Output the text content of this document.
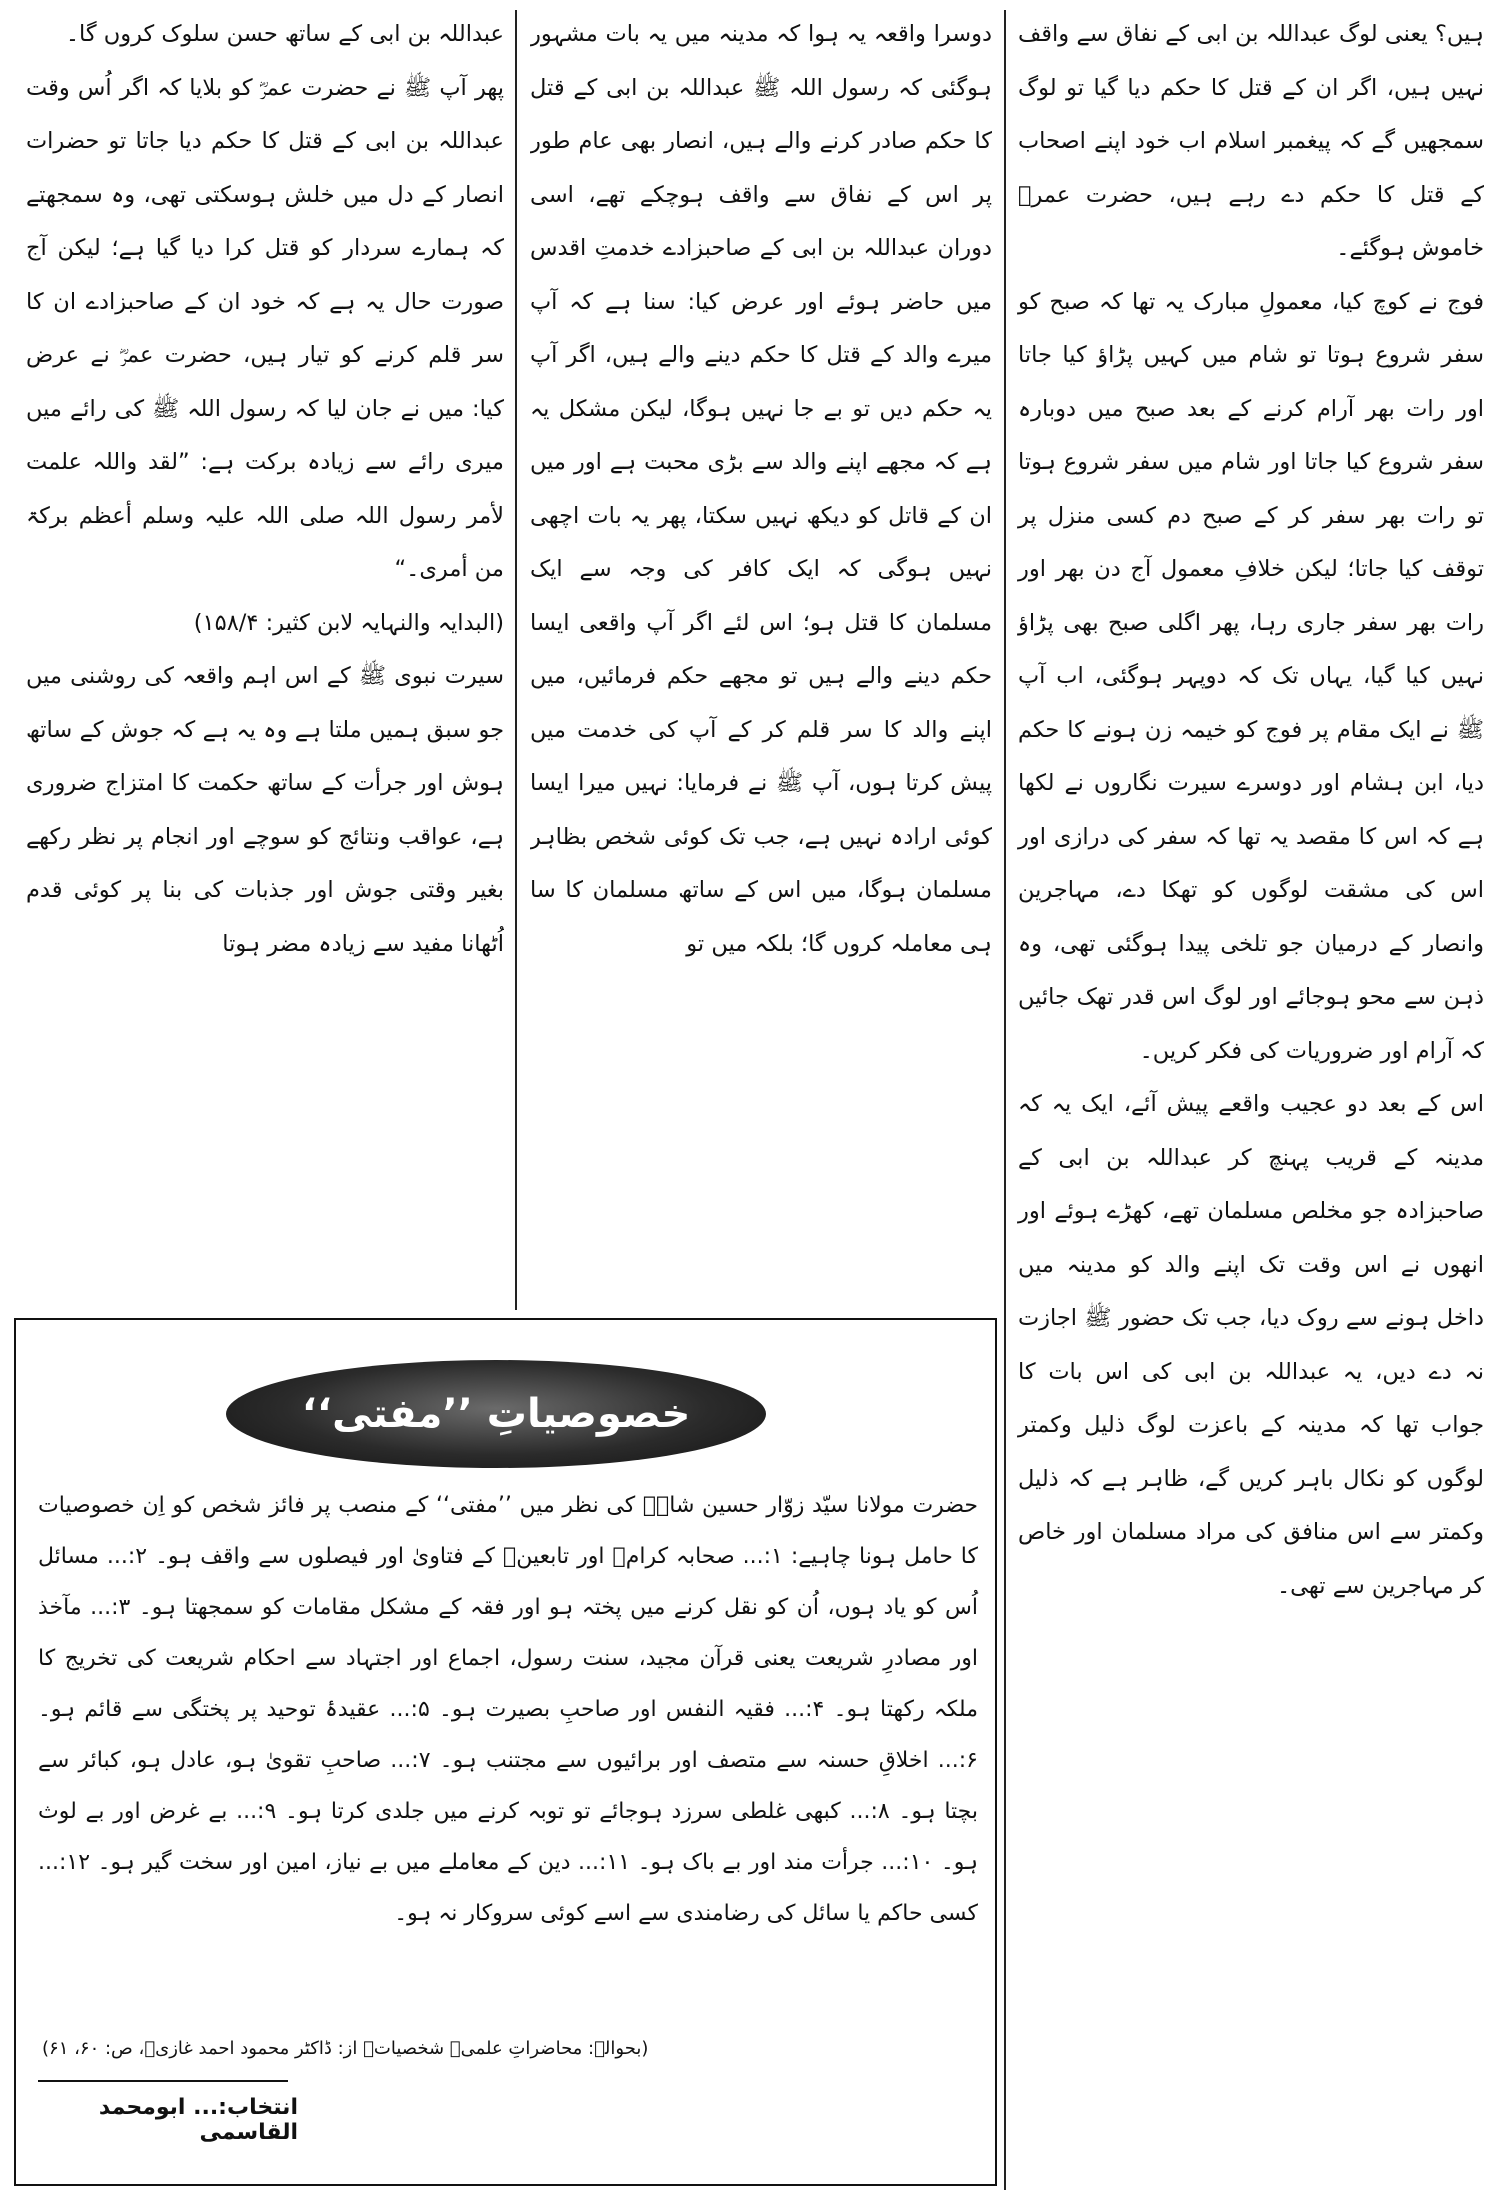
ہیں؟ یعنی لوگ عبداللہ بن ابی کے نفاق سے واقف نہیں ہیں، اگر ان کے قتل کا حکم دیا گیا تو لوگ سمجھیں گے کہ پیغمبر اسلام اب خود اپنے اصحاب کے قتل کا حکم دے رہے ہیں، حضرت عمرؓ خاموش ہوگئے۔

فوج نے کوچ کیا، معمولِ مبارک یہ تھا کہ صبح کو سفر شروع ہوتا تو شام میں کہیں پڑاؤ کیا جاتا اور رات بھر آرام کرنے کے بعد صبح میں دوبارہ سفر شروع کیا جاتا اور شام میں سفر شروع ہوتا تو رات بھر سفر کر کے صبح دم کسی منزل پر توقف کیا جاتا؛ لیکن خلافِ معمول آج دن بھر اور رات بھر سفر جاری رہا، پھر اگلی صبح بھی پڑاؤ نہیں کیا گیا، یہاں تک کہ دوپہر ہوگئی، اب آپ ﷺ نے ایک مقام پر فوج کو خیمہ زن ہونے کا حکم دیا، ابن ہشام اور دوسرے سیرت نگاروں نے لکھا ہے کہ اس کا مقصد یہ تھا کہ سفر کی درازی اور اس کی مشقت لوگوں کو تھکا دے، مہاجرین وانصار کے درمیان جو تلخی پیدا ہوگئی تھی، وہ ذہن سے محو ہوجائے اور لوگ اس قدر تھک جائیں کہ آرام اور ضروریات کی فکر کریں۔

اس کے بعد دو عجیب واقعے پیش آئے، ایک یہ کہ مدینہ کے قریب پہنچ کر عبداللہ بن ابی کے صاحبزادہ جو مخلص مسلمان تھے، کھڑے ہوئے اور انھوں نے اس وقت تک اپنے والد کو مدینہ میں داخل ہونے سے روک دیا، جب تک حضور ﷺ اجازت نہ دے دیں، یہ عبداللہ بن ابی کی اس بات کا جواب تھا کہ مدینہ کے باعزت لوگ ذلیل وکمتر لوگوں کو نکال باہر کریں گے، ظاہر ہے کہ ذلیل وکمتر سے اس منافق کی مراد مسلمان اور خاص کر مہاجرین سے تھی۔

دوسرا واقعہ یہ ہوا کہ مدینہ میں یہ بات مشہور ہوگئی کہ رسول اللہ ﷺ عبداللہ بن ابی کے قتل کا حکم صادر کرنے والے ہیں، انصار بھی عام طور پر اس کے نفاق سے واقف ہوچکے تھے، اسی دوران عبداللہ بن ابی کے صاحبزادے خدمتِ اقدس میں حاضر ہوئے اور عرض کیا: سنا ہے کہ آپ میرے والد کے قتل کا حکم دینے والے ہیں، اگر آپ یہ حکم دیں تو بے جا نہیں ہوگا، لیکن مشکل یہ ہے کہ مجھے اپنے والد سے بڑی محبت ہے اور میں ان کے قاتل کو دیکھ نہیں سکتا، پھر یہ بات اچھی نہیں ہوگی کہ ایک کافر کی وجہ سے ایک مسلمان کا قتل ہو؛ اس لئے اگر آپ واقعی ایسا حکم دینے والے ہیں تو مجھے حکم فرمائیں، میں اپنے والد کا سر قلم کر کے آپ کی خدمت میں پیش کرتا ہوں، آپ ﷺ نے فرمایا: نہیں میرا ایسا کوئی ارادہ نہیں ہے، جب تک کوئی شخص بظاہر مسلمان ہوگا، میں اس کے ساتھ مسلمان کا سا ہی معاملہ کروں گا؛ بلکہ میں تو

عبداللہ بن ابی کے ساتھ حسن سلوک کروں گا۔

پھر آپ ﷺ نے حضرت عمرؓ کو بلایا کہ اگر اُس وقت عبداللہ بن ابی کے قتل کا حکم دیا جاتا تو حضرات انصار کے دل میں خلش ہوسکتی تھی، وہ سمجھتے کہ ہمارے سردار کو قتل کرا دیا گیا ہے؛ لیکن آج صورت حال یہ ہے کہ خود ان کے صاحبزادے ان کا سر قلم کرنے کو تیار ہیں، حضرت عمرؓ نے عرض کیا: میں نے جان لیا کہ رسول اللہ ﷺ کی رائے میں میری رائے سے زیادہ برکت ہے: ”لقد واللہ علمت لأمر رسول اللہ صلی اللہ علیہ وسلم أعظم برکۃ من أمری۔“

(البدایہ والنہایہ لابن کثیر: ۱۵۸/۴)

سیرت نبوی ﷺ کے اس اہم واقعہ کی روشنی میں جو سبق ہمیں ملتا ہے وہ یہ ہے کہ جوش کے ساتھ ہوش اور جرأت کے ساتھ حکمت کا امتزاج ضروری ہے، عواقب ونتائج کو سوچے اور انجام پر نظر رکھے بغیر وقتی جوش اور جذبات کی بنا پر کوئی قدم اُٹھانا مفید سے زیادہ مضر ہوتا

خصوصیاتِ ’’مفتی‘‘

حضرت مولانا سیّد زوّار حسین شاہؒ کی نظر میں ’’مفتی‘‘ کے منصب پر فائز شخص کو اِن خصوصیات کا حامل ہونا چاہیے: ۱:... صحابہ کرامؓ اور تابعینؒ کے فتاویٰ اور فیصلوں سے واقف ہو۔ ۲:... مسائل اُس کو یاد ہوں، اُن کو نقل کرنے میں پختہ ہو اور فقہ کے مشکل مقامات کو سمجھتا ہو۔ ۳:... مآخذ اور مصادرِ شریعت یعنی قرآن مجید، سنت رسول، اجماع اور اجتہاد سے احکام شریعت کی تخریج کا ملکہ رکھتا ہو۔ ۴:... فقیہ النفس اور صاحبِ بصیرت ہو۔ ۵:... عقیدۂ توحید پر پختگی سے قائم ہو۔ ۶:... اخلاقِ حسنہ سے متصف اور برائیوں سے مجتنب ہو۔ ۷:... صاحبِ تقویٰ ہو، عادل ہو، کبائر سے بچتا ہو۔ ۸:... کبھی غلطی سرزد ہوجائے تو توبہ کرنے میں جلدی کرتا ہو۔ ۹:... بے غرض اور بے لوث ہو۔ ۱۰:... جرأت مند اور بے باک ہو۔ ۱۱:... دین کے معاملے میں بے نیاز، امین اور سخت گیر ہو۔ ۱۲:... کسی حاکم یا سائل کی رضامندی سے اسے کوئی سروکار نہ ہو۔

(بحوالہ: محاضراتِ علمی۔ شخصیات۔ از: ڈاکٹر محمود احمد غازیؒ، ص: ۶۰، ۶۱)
انتخاب:... ابومحمد القاسمی
